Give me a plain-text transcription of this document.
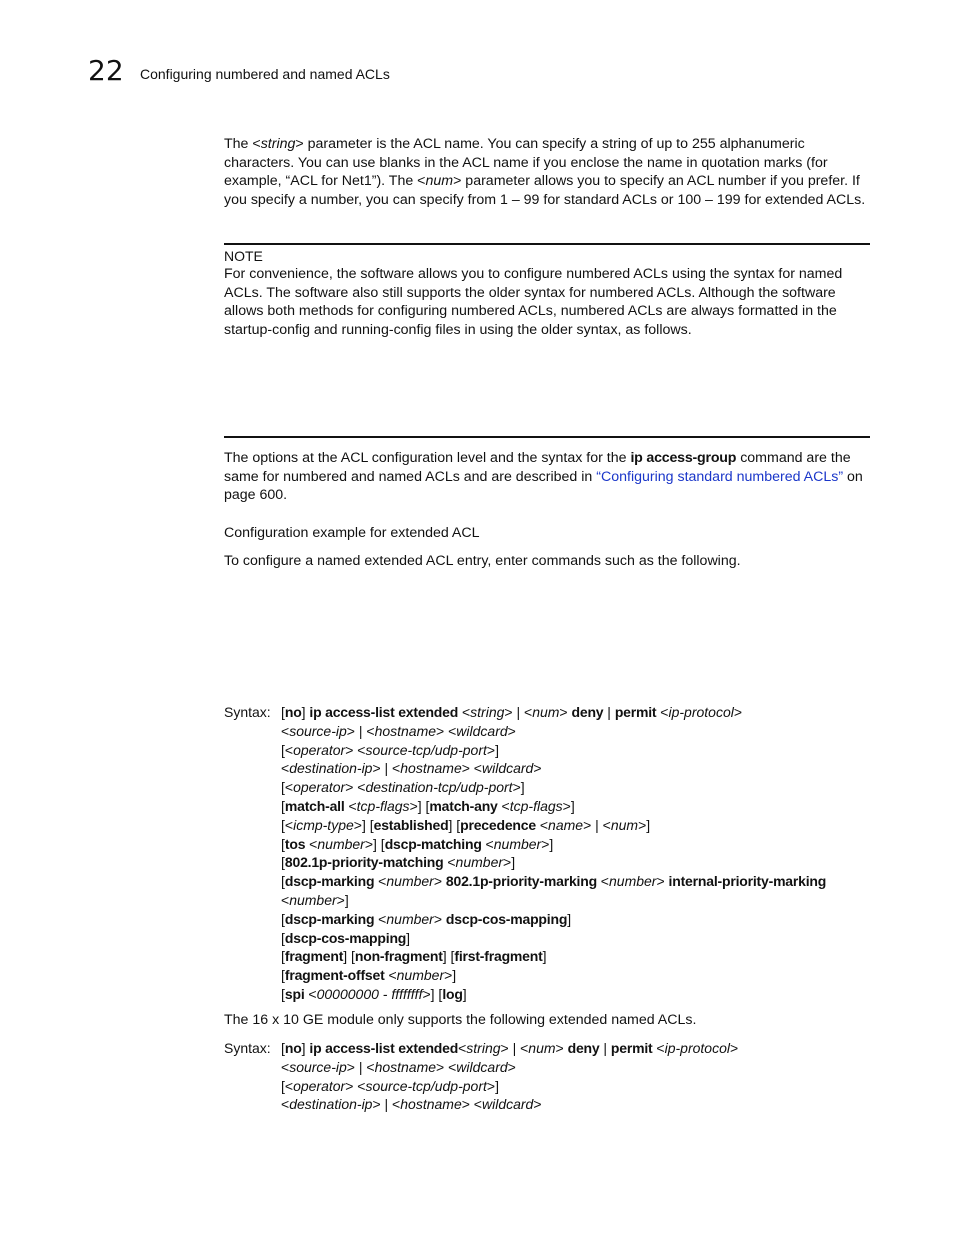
22 Configuring numbered and named ACLs
The <string> parameter is the ACL name. You can specify a string of up to 255 alphanumeric characters. You can use blanks in the ACL name if you enclose the name in quotation marks (for example, “ACL for Net1”). The <num> parameter allows you to specify an ACL number if you prefer. If you specify a number, you can specify from 1 – 99 for standard ACLs or 100 – 199 for extended ACLs.
NOTE
For convenience, the software allows you to configure numbered ACLs using the syntax for named ACLs. The software also still supports the older syntax for numbered ACLs. Although the software allows both methods for configuring numbered ACLs, numbered ACLs are always formatted in the startup-config and running-config files in using the older syntax, as follows.
The options at the ACL configuration level and the syntax for the ip access-group command are the same for numbered and named ACLs and are described in “Configuring standard numbered ACLs” on page 600.
Configuration example for extended ACL
To configure a named extended ACL entry, enter commands such as the following.
Syntax: [no] ip access-list extended <string> | <num> deny | permit <ip-protocol>
<source-ip> | <hostname> <wildcard>
[<operator> <source-tcp/udp-port>]
<destination-ip> | <hostname> <wildcard>
[<operator> <destination-tcp/udp-port>]
[match-all <tcp-flags>] [match-any <tcp-flags>]
[<icmp-type>] [established] [precedence <name> | <num>]
[tos <number>] [dscp-matching <number>]
[802.1p-priority-matching <number>]
[dscp-marking <number> 802.1p-priority-marking <number> internal-priority-marking
<number>]
[dscp-marking <number> dscp-cos-mapping]
[dscp-cos-mapping]
[fragment] [non-fragment] [first-fragment]
[fragment-offset <number>]
[spi <00000000 - ffffffff>] [log]
The 16 x 10 GE module only supports the following extended named ACLs.
Syntax: [no] ip access-list extended<string> | <num> deny | permit <ip-protocol>
<source-ip> | <hostname> <wildcard>
[<operator> <source-tcp/udp-port>]
<destination-ip> | <hostname> <wildcard>
